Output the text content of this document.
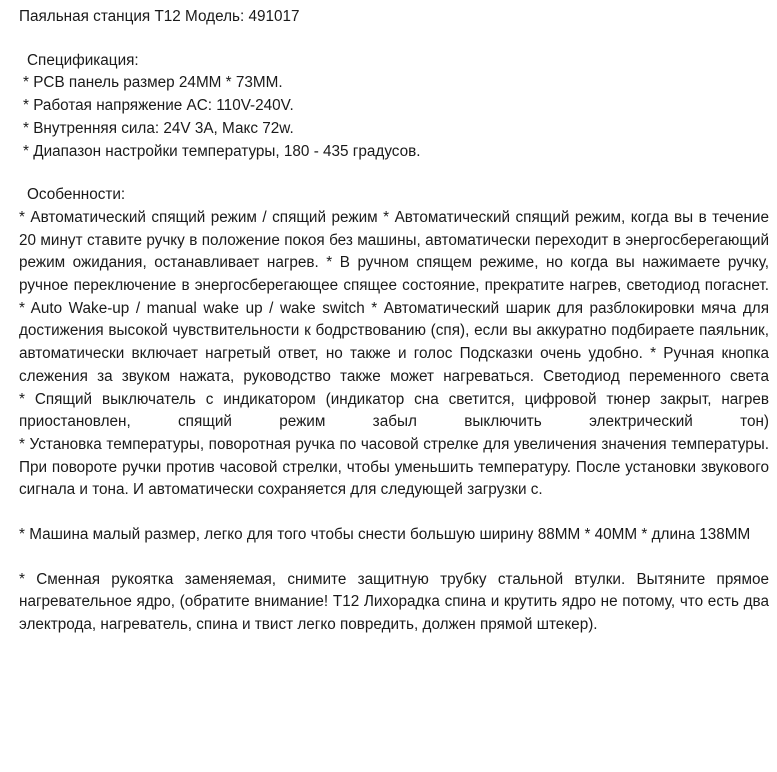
Паяльная станция T12 Модель: 491017
Спецификация:
* PCB панель размер 24MM * 73MM.
* Работая напряжение AC: 110V-240V.
* Внутренняя сила: 24V 3A, Макс 72w.
* Диапазон настройки температуры, 180 - 435 градусов.
Особенности:
* Автоматический спящий режим / спящий режим * Автоматический спящий режим, когда вы в течение 20 минут ставите ручку в положение покоя без машины, автоматически переходит в энергосберегающий режим ожидания, останавливает нагрев. * В ручном спящем режиме, но когда вы нажимаете ручку, ручное переключение в энергосберегающее спящее состояние, прекратите нагрев, светодиод погаснет.
* Auto Wake-up / manual wake up / wake switch * Автоматический шарик для разблокировки мяча для достижения высокой чувствительности к бодрствованию (спя), если вы аккуратно подбираете паяльник, автоматически включает нагретый ответ, но также и голос Подсказки очень удобно. * Ручная кнопка слежения за звуком нажата, руководство также может нагреваться. Светодиод переменного света
* Спящий выключатель с индикатором (индикатор сна светится, цифровой тюнер закрыт, нагрев приостановлен, спящий режим забыл выключить электрический тон)
* Установка температуры, поворотная ручка по часовой стрелке для увеличения значения температуры. При повороте ручки против часовой стрелки, чтобы уменьшить температуру. После установки звукового сигнала и тона. И автоматически сохраняется для следующей загрузки с.
* Машина малый размер, легко для того чтобы снести большую ширину 88MM * 40MM * длина 138MM
* Сменная рукоятка заменяемая, снимите защитную трубку стальной втулки. Вытяните прямое нагревательное ядро, (обратите внимание! T12 Лихорадка спина и крутить ядро не потому, что есть два электрода, нагреватель, спина и твист легко повредить, должен прямой штекер).
